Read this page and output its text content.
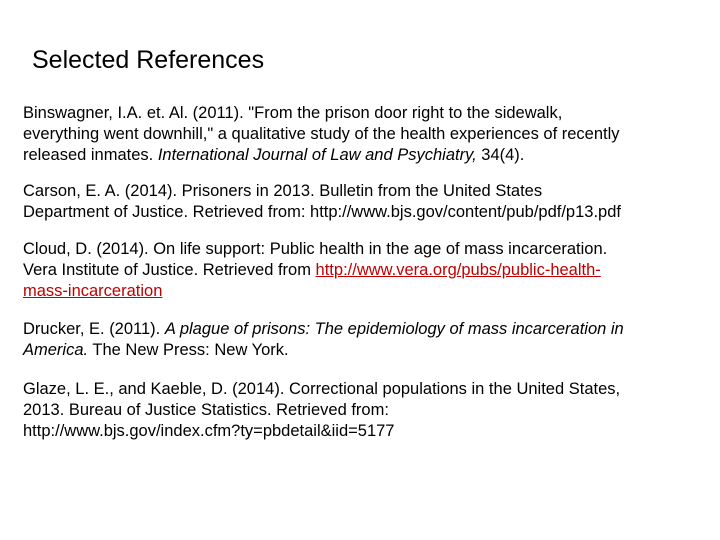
Selected References
Binswagner, I.A. et. Al. (2011). "From the prison door right to the sidewalk,
everything went downhill," a qualitative study of the health experiences of recently
released inmates. International Journal of Law and Psychiatry, 34(4).
Carson, E. A. (2014). Prisoners in 2013. Bulletin from the United States
Department of Justice. Retrieved from: http://www.bjs.gov/content/pub/pdf/p13.pdf
Cloud, D. (2014). On life support: Public health in the age of mass incarceration.
Vera Institute of Justice. Retrieved from http://www.vera.org/pubs/public-health-
mass-incarceration
Drucker, E. (2011). A plague of prisons: The epidemiology of mass incarceration in
America. The New Press: New York.
Glaze, L. E., and Kaeble, D. (2014). Correctional populations in the United States,
2013. Bureau of Justice Statistics. Retrieved from:
http://www.bjs.gov/index.cfm?ty=pbdetail&iid=5177
